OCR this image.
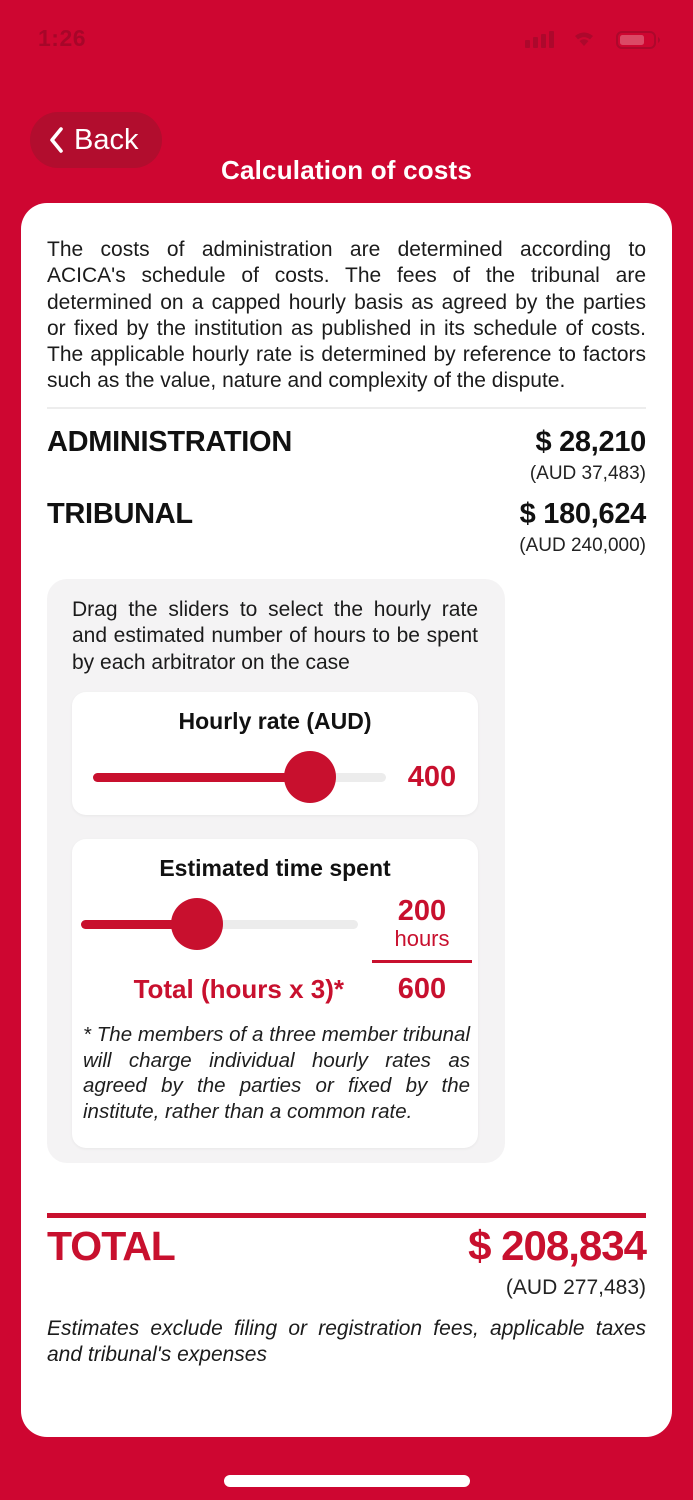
1:26
Back
Calculation of costs

The costs of administration are determined according to ACICA's schedule of costs. The fees of the tribunal are determined on a capped hourly basis as agreed by the parties or fixed by the institution as published in its schedule of costs. The applicable hourly rate is determined by reference to factors such as the value, nature and complexity of the dispute.

ADMINISTRATION	$ 28,210
(AUD 37,483)
TRIBUNAL	$ 180,624
(AUD 240,000)

Drag the sliders to select the hourly rate and estimated number of hours to be spent by each arbitrator on the case

Hourly rate (AUD)

400

Estimated time spent

200
hours
Total (hours x 3)*	600

* The members of a three member tribunal will charge individual hourly rates as agreed by the parties or fixed by the institute, rather than a common rate.

TOTAL	$ 208,834
(AUD 277,483)

Estimates exclude filing or registration fees, applicable taxes and tribunal's expenses
